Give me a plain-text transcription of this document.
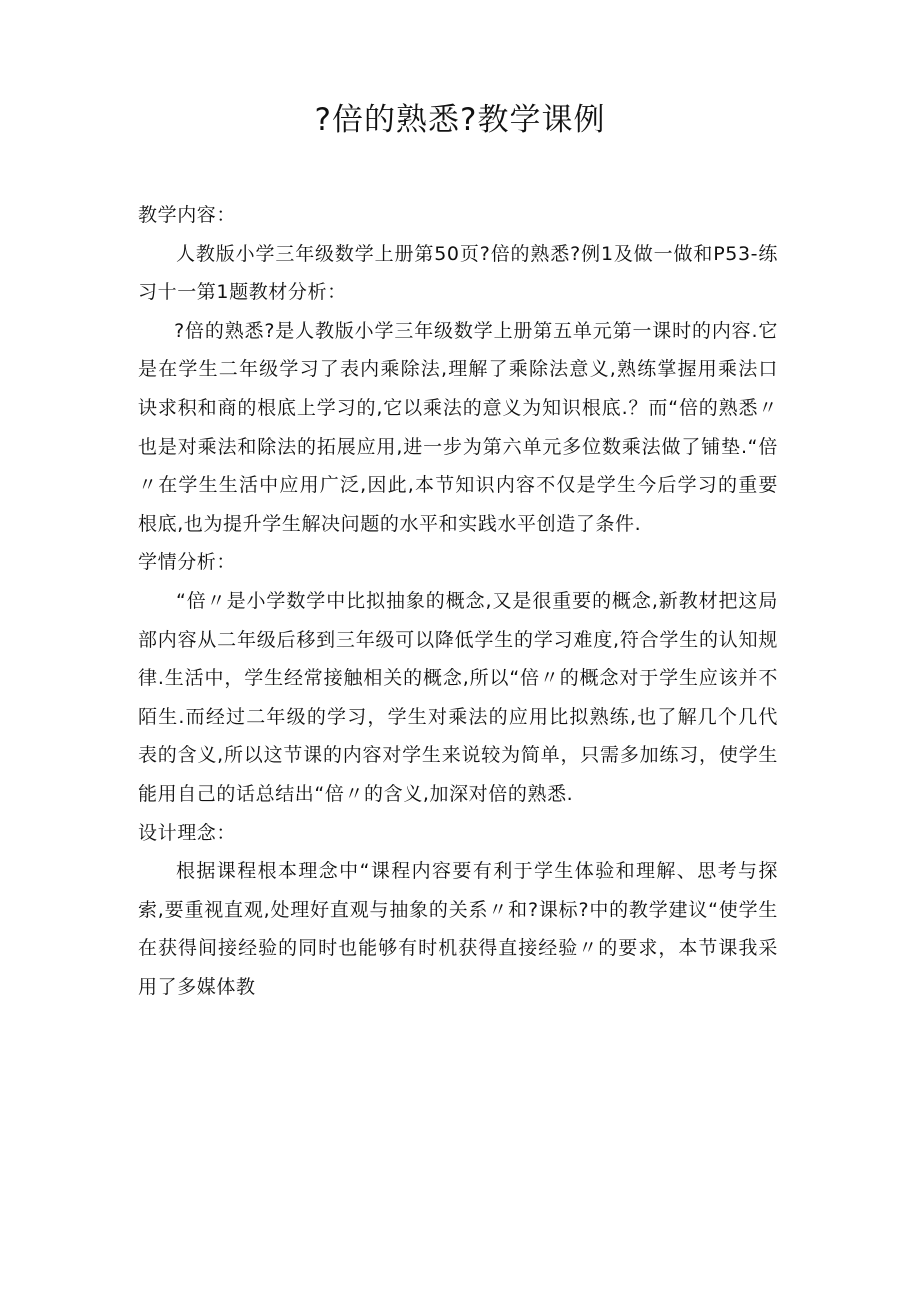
?倍的熟悉?教学课例
教学内容：
人教版小学三年级数学上册第50页?倍的熟悉?例1及做一做和P53-练习十一第1题教材分析：
?倍的熟悉?是人教版小学三年级数学上册第五单元第一课时的内容.它是在学生二年级学习了表内乘除法,理解了乘除法意义,熟练掌握用乘法口诀求积和商的根底上学习的,它以乘法的意义为知识根底.？而“倍的熟悉〃也是对乘法和除法的拓展应用,进一步为第六单元多位数乘法做了铺垫.“倍〃在学生生活中应用广泛,因此,本节知识内容不仅是学生今后学习的重要根底,也为提升学生解决问题的水平和实践水平创造了条件.
学情分析：
“倍〃是小学数学中比拟抽象的概念,又是很重要的概念,新教材把这局部内容从二年级后移到三年级可以降低学生的学习难度,符合学生的认知规律.生活中，学生经常接触相关的概念,所以“倍〃的概念对于学生应该并不陌生.而经过二年级的学习，学生对乘法的应用比拟熟练,也了解几个几代表的含义,所以这节课的内容对学生来说较为简单，只需多加练习，使学生能用自己的话总结出“倍〃的含义,加深对倍的熟悉.
设计理念：
根据课程根本理念中“课程内容要有利于学生体验和理解、思考与探索,要重视直观,处理好直观与抽象的关系〃和?课标?中的教学建议“使学生在获得间接经验的同时也能够有时机获得直接经验〃的要求，本节课我采用了多媒体教
